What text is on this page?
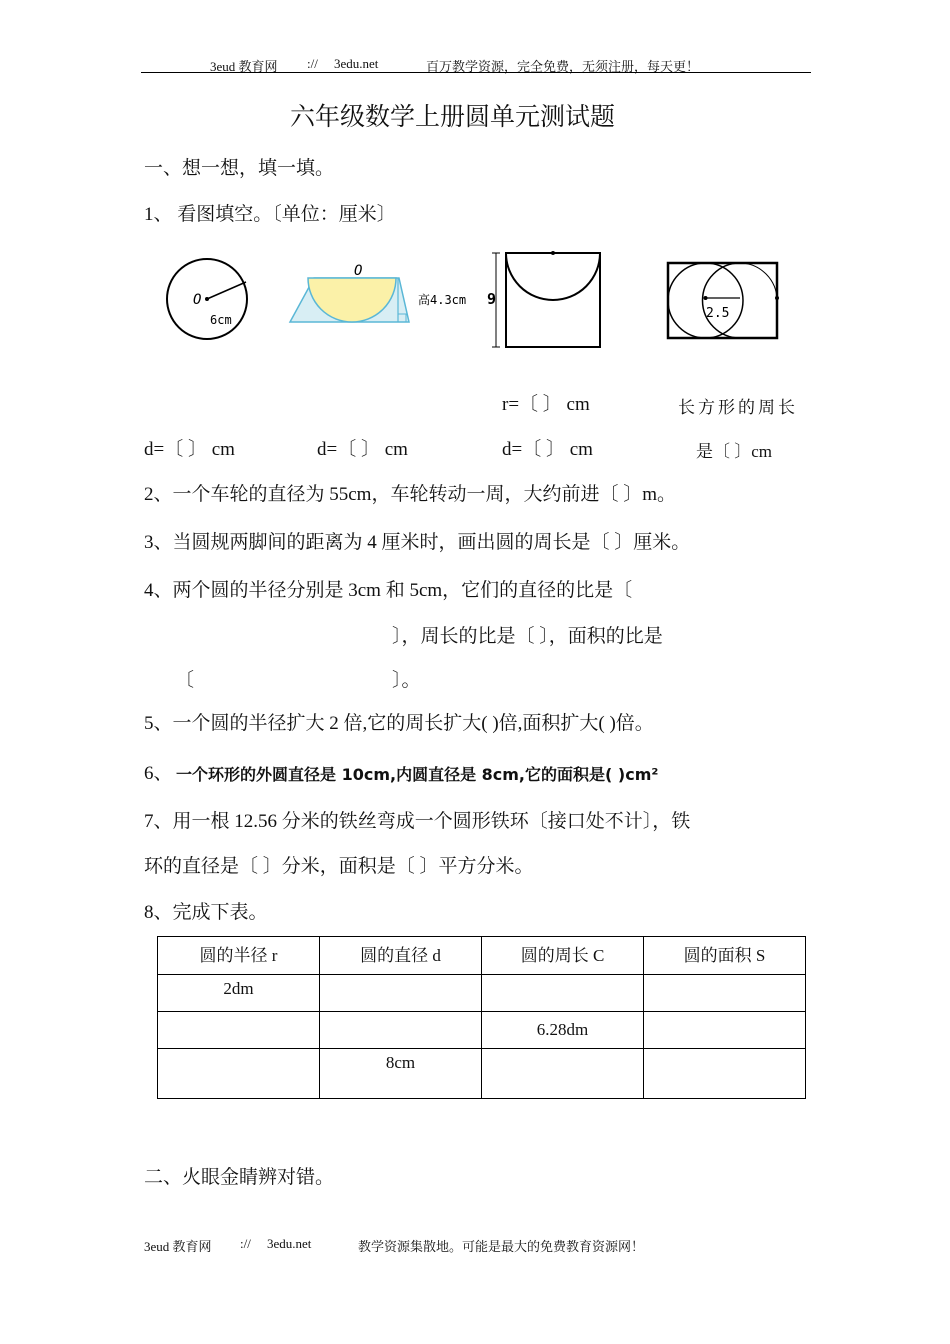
3eud 教育网 :// 3edu.net	百万教学资源，完全免费，无须注册，每天更！
六年级数学上册圆单元测试题
一、想一想，填一填。
1、 看图填空。〔单位：厘米〕
O
6cm
O
高4.3cm 9
2.5
r=〔 〕 cm	长方形的周长
d=〔 〕 cm	d=〔 〕 cm	d=〔 〕 cm	是〔 〕cm
2、一个车轮的直径为 55cm，车轮转动一周，大约前进〔 〕m。
3、当圆规两脚间的距离为 4 厘米时，画出圆的周长是〔 〕厘米。
4、两个圆的半径分别是 3cm 和 5cm，它们的直径的比是〔
〕，周长的比是〔 〕，面积的比是
〔	〕。
5、一个圆的半径扩大 2 倍,它的周长扩大( )倍,面积扩大( )倍。
6、 一个环形的外圆直径是 10cm,内圆直径是 8cm,它的面积是( )cm²
7、用一根 12.56 分米的铁丝弯成一个圆形铁环〔接口处不计〕，铁
环的直径是〔 〕分米，面积是〔 〕平方分米。
8、完成下表。
圆的半径 r	圆的直径 d	圆的周长 C	圆的面积 S
2dm			
		6.28dm	
	8cm		
二、火眼金睛辨对错。
3eud 教育网 :// 3edu.net	教学资源集散地。可能是最大的免费教育资源网！
